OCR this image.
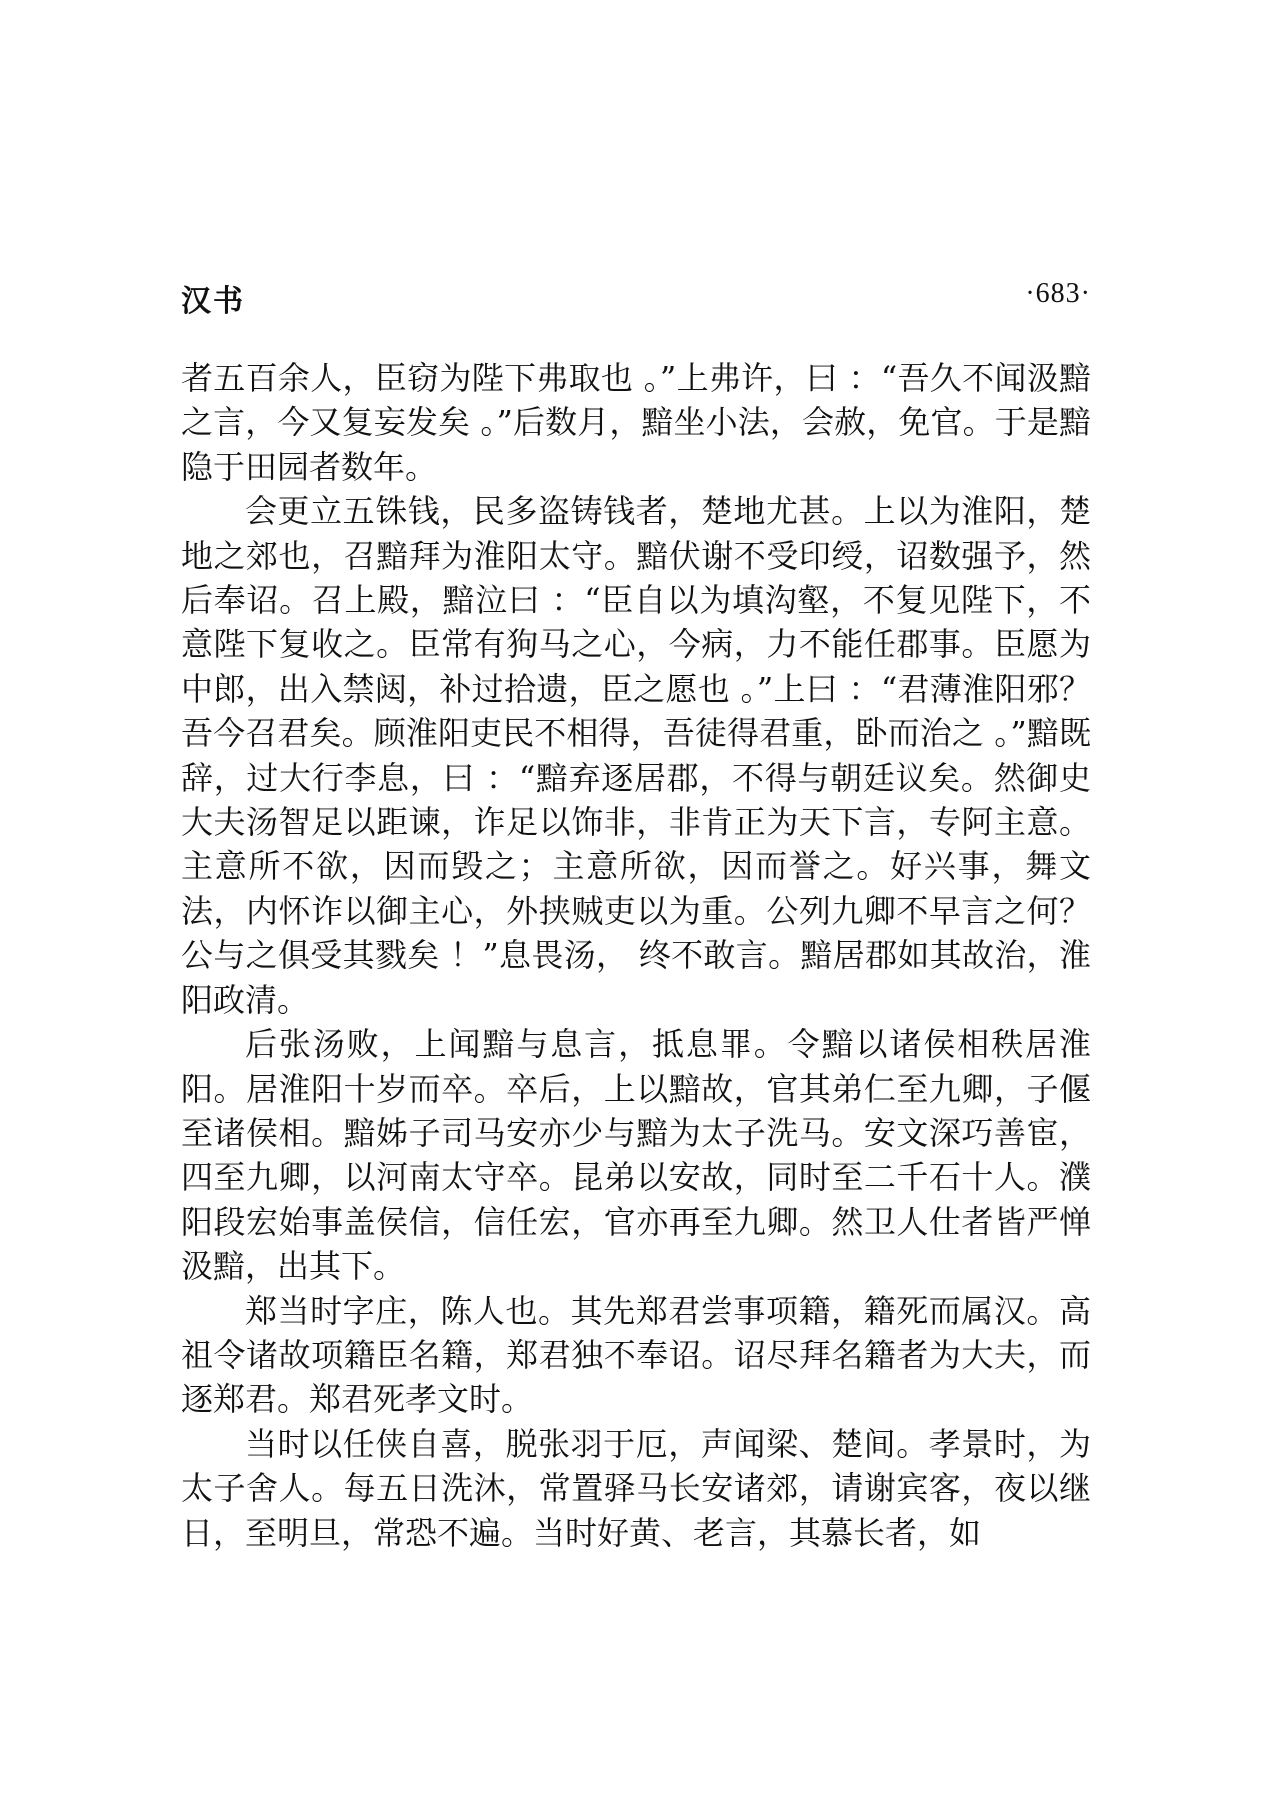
汉书	·683·

者五百余人，臣窃为陛下弗取也 。”上弗许，曰 ：“吾久不闻汲黯之言，今又复妄发矣 。”后数月，黯坐小法，会赦，免官。于是黯隐于田园者数年。

会更立五铢钱，民多盗铸钱者，楚地尤甚。上以为淮阳，楚地之郊也，召黯拜为淮阳太守。黯伏谢不受印绶，诏数强予，然后奉诏。召上殿，黯泣曰 ：“臣自以为填沟壑，不复见陛下，不意陛下复收之。臣常有狗马之心，今病，力不能任郡事。臣愿为中郎，出入禁闼，补过拾遗，臣之愿也 。”上曰 ：“君薄淮阳邪？吾今召君矣。顾淮阳吏民不相得，吾徒得君重，卧而治之 。”黯既辞，过大行李息，曰 ：“黯弃逐居郡，不得与朝廷议矣。然御史大夫汤智足以距谏，诈足以饰非，非肯正为天下言，专阿主意。主意所不欲，因而毁之；主意所欲，因而誉之。好兴事，舞文法，内怀诈以御主心，外挟贼吏以为重。公列九卿不早言之何？ 公与之俱受其戮矣 ！”息畏汤， 终不敢言。黯居郡如其故治，淮阳政清。

后张汤败，上闻黯与息言，抵息罪。令黯以诸侯相秩居淮阳。居淮阳十岁而卒。卒后，上以黯故，官其弟仁至九卿，子偃至诸侯相。黯姊子司马安亦少与黯为太子洗马。安文深巧善宦，四至九卿，以河南太守卒。昆弟以安故，同时至二千石十人。濮阳段宏始事盖侯信，信任宏，官亦再至九卿。然卫人仕者皆严惮汲黯，出其下。

郑当时字庄，陈人也。其先郑君尝事项籍，籍死而属汉。高祖令诸故项籍臣名籍，郑君独不奉诏。诏尽拜名籍者为大夫，而逐郑君。郑君死孝文时。

当时以任侠自喜，脱张羽于厄，声闻梁、楚间。孝景时，为太子舍人。每五日洗沐，常置驿马长安诸郊，请谢宾客，夜以继日，至明旦，常恐不遍。当时好黄、老言，其慕长者，如
